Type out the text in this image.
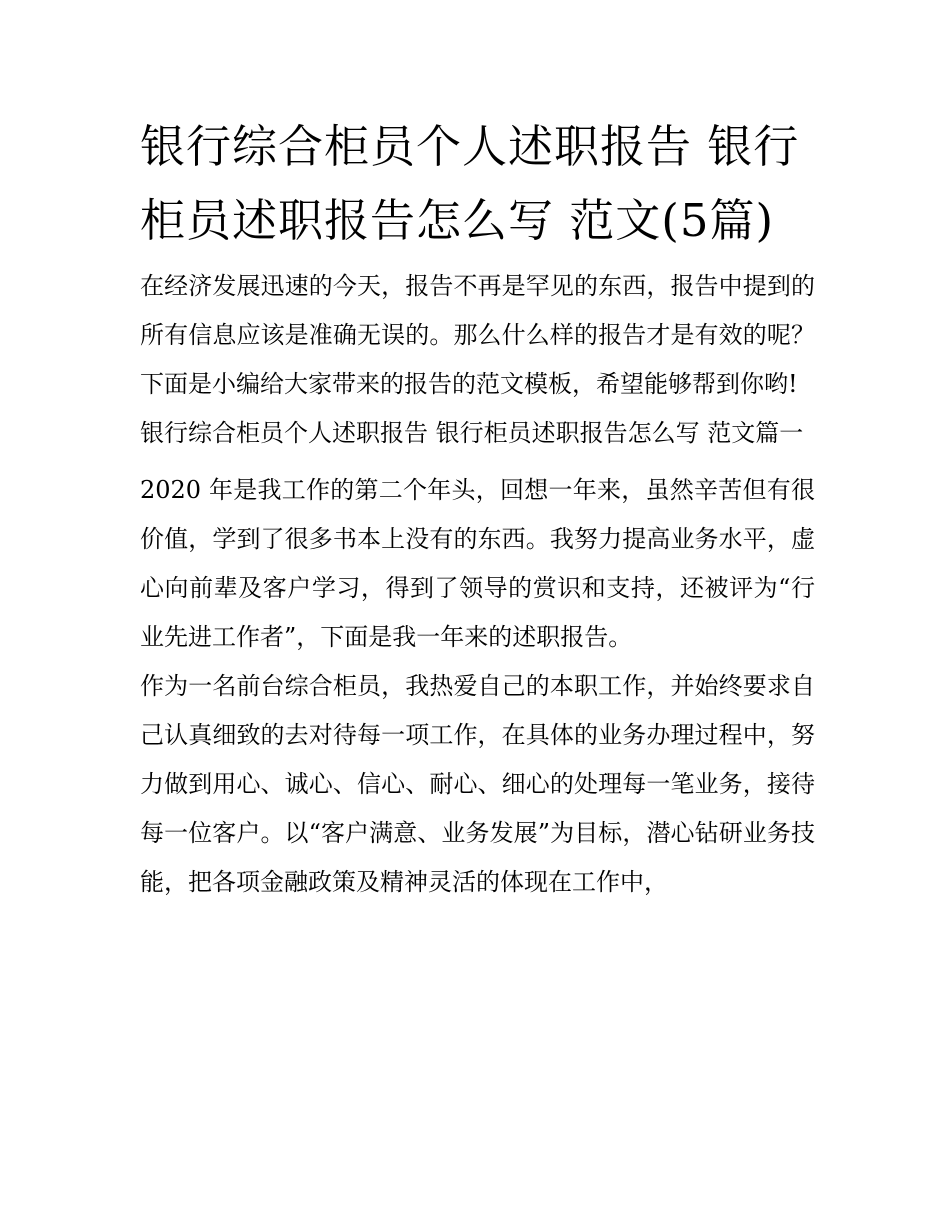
银行综合柜员个人述职报告 银行柜员述职报告怎么写 范文(5篇)

在经济发展迅速的今天，报告不再是罕见的东西，报告中提到的所有信息应该是准确无误的。那么什么样的报告才是有效的呢？下面是小编给大家带来的报告的范文模板，希望能够帮到你哟!

银行综合柜员个人述职报告 银行柜员述职报告怎么写 范文篇一

2020 年是我工作的第二个年头，回想一年来，虽然辛苦但有很价值，学到了很多书本上没有的东西。我努力提高业务水平，虚心向前辈及客户学习，得到了领导的赏识和支持，还被评为“行业先进工作者”，下面是我一年来的述职报告。

作为一名前台综合柜员，我热爱自己的本职工作，并始终要求自己认真细致的去对待每一项工作，在具体的业务办理过程中，努力做到用心、诚心、信心、耐心、细心的处理每一笔业务，接待每一位客户。以“客户满意、业务发展”为目标，潜心钻研业务技能，把各项金融政策及精神灵活的体现在工作中，
